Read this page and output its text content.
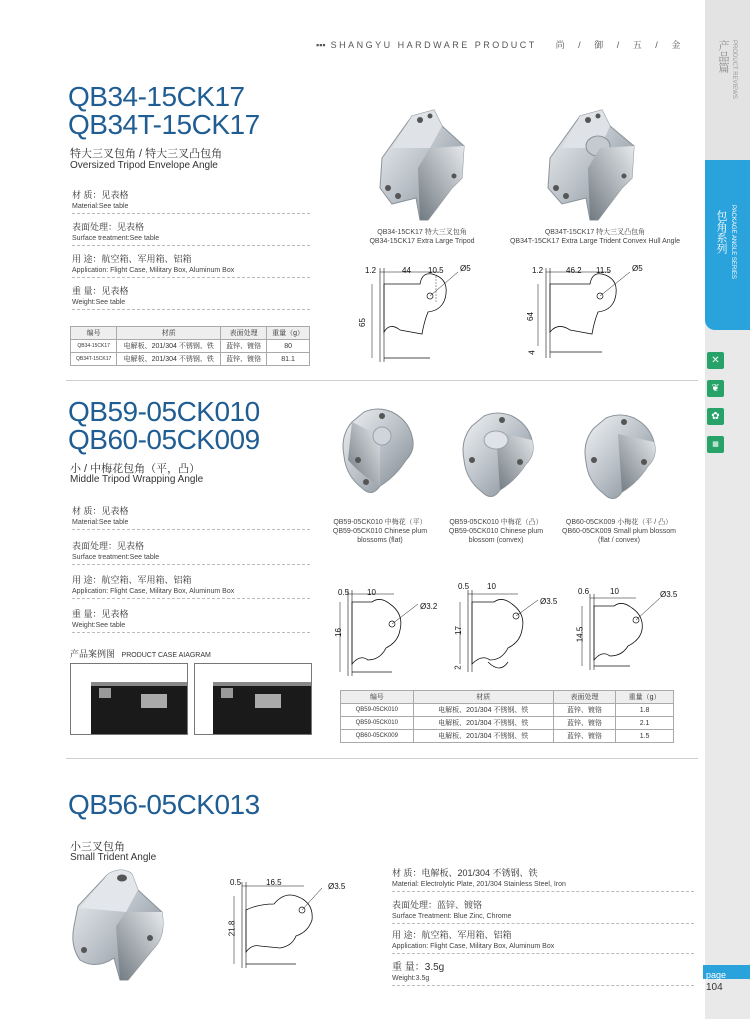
▪▪▪ SHANGYU HARDWARE PRODUCT 尚 / 御 / 五 / 金	产品篇 PRODUCT REVIEWS
包角系列 PACKAGE ANGLE SERIES
✕
❦
✿
▦
page
104
QB34-15CK17
QB34T-15CK17
特大三叉包角 / 特大三叉凸包角
Oversized Tripod Envelope Angle
材 质：见表格
Material:See table
表面处理：见表格
Surface treatment:See table
用 途：航空箱、军用箱、铝箱
Application: Flight Case, Military Box, Aluminum Box
重 量：见表格
Weight:See table
编号	材质	表面处理	重量（g）
QB34-15CK17	电解板、201/304 不锈钢、铁	蓝锌、镀铬	80
QB34T-15CK17	电解板、201/304 不锈钢、铁	蓝锌、镀铬	81.1
QB34-15CK17 特大三叉包角
QB34-15CK17 Extra Large Tripod
QB34T-15CK17 特大三叉凸包角
QB34T-15CK17 Extra Large Trident Convex Hull Angle
1.2	44 10.5 Ø5
65
1.2	46.2 11.5	Ø5
64
4
QB59-05CK010
QB60-05CK009
小 / 中梅花包角（平，凸）
Middle Tripod Wrapping Angle
材 质：见表格
Material:See table
表面处理：见表格
Surface treatment:See table
用 途：航空箱、军用箱、铝箱
Application: Flight Case, Military Box, Aluminum Box
重 量：见表格
Weight:See table
产品案例图 PRODUCT CASE AIAGRAM
QB59-05CK010 中梅花（平）
QB59-05CK010 Chinese plum
blossoms (flat)
QB59-05CK010 中梅花（凸）
QB59-05CK010 Chinese plum
blossom (convex)
QB60-05CK009 小梅花（平 / 凸）
QB60-05CK009 Small plum blossom
(flat / convex)
0.5 10
Ø3.2
16
0.5 10
Ø3.5
17
2
0.6	10	Ø3.5
14.5
编号	材质	表面处理	重量（g）
QB59-05CK010	电解板、201/304 不锈钢、铁	蓝锌、镀铬	1.8
QB59-05CK010	电解板、201/304 不锈钢、铁	蓝锌、镀铬	2.1
QB60-05CK009	电解板、201/304 不锈钢、铁	蓝锌、镀铬	1.5
QB56-05CK013
小三叉包角
Small Trident Angle
0.5	16.5	Ø3.5
21.8
材 质：电解板、201/304 不锈钢、铁
Material: Electrolytic Plate, 201/304 Stainless Steel, Iron
表面处理：蓝锌、镀铬
Surface Treatment: Blue Zinc, Chrome
用 途：航空箱、军用箱、铝箱
Application: Flight Case, Military Box, Aluminum Box
重 量：3.5g
Weight:3.5g
